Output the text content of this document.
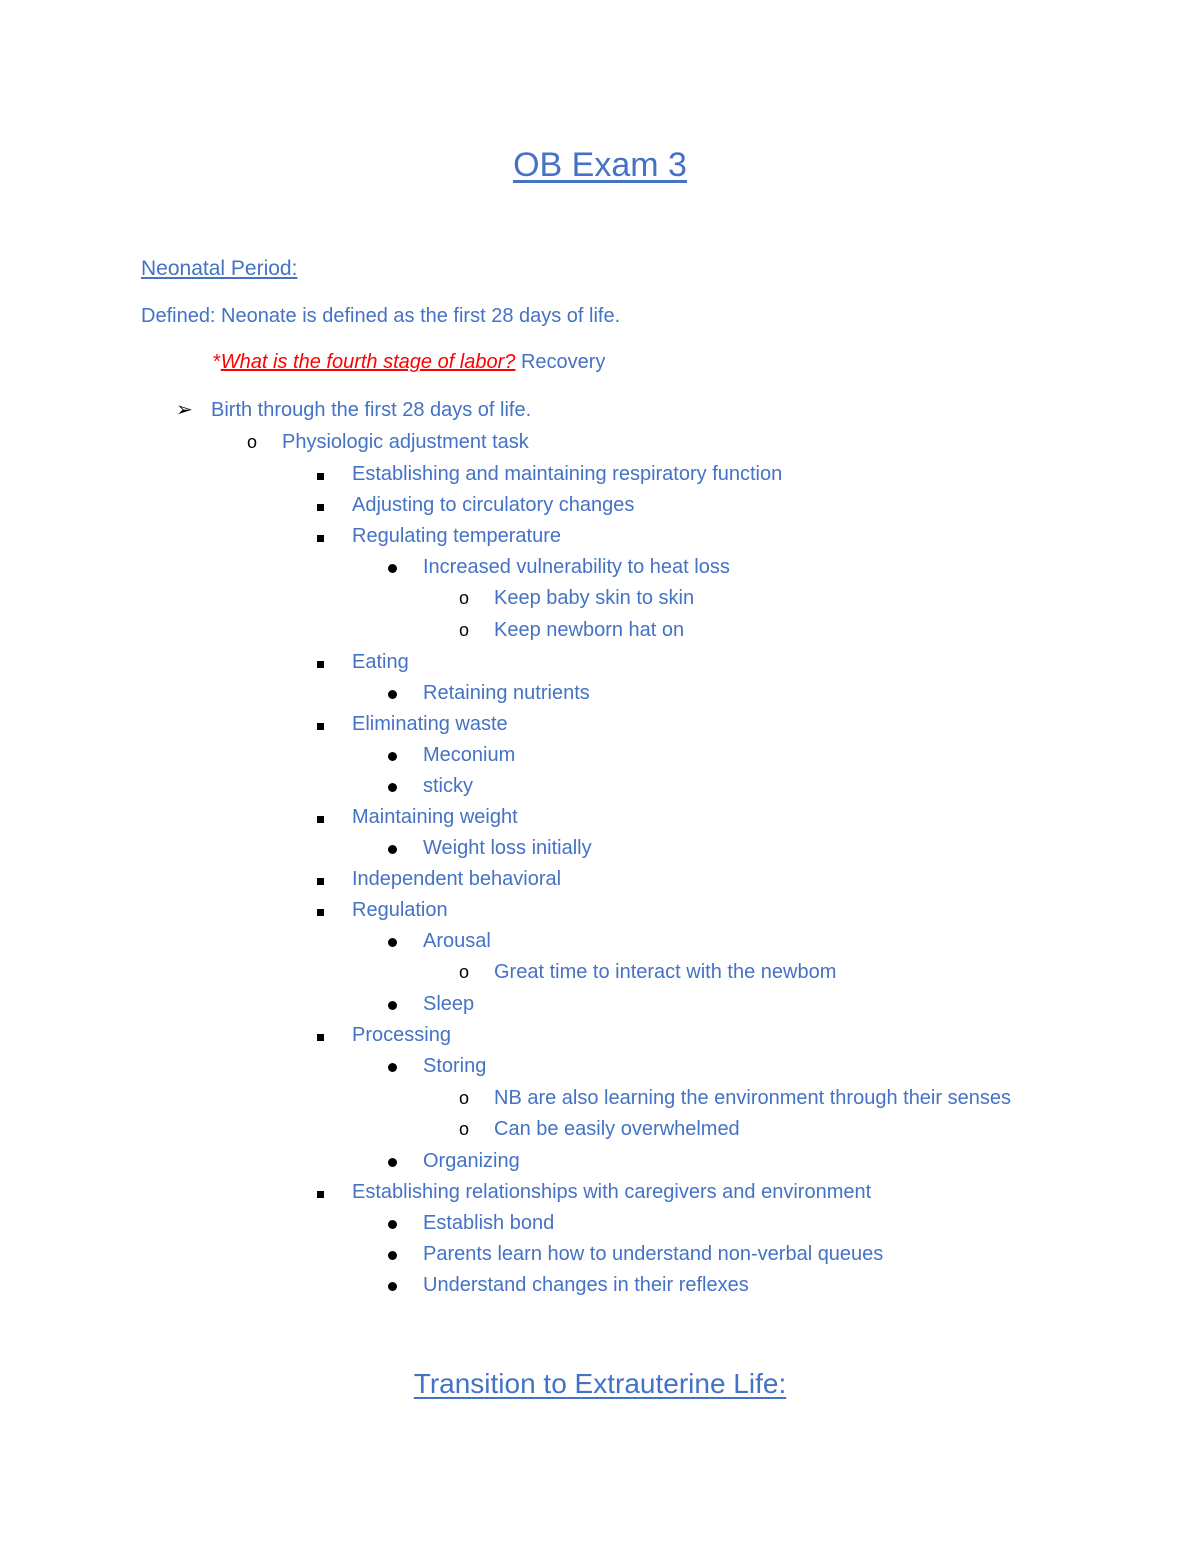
OB Exam 3
Neonatal Period:
Defined: Neonate is defined as the first 28 days of life.
*What is the fourth stage of labor? Recovery
➢ Birth through the first 28 days of life.
o Physiologic adjustment task
Establishing and maintaining respiratory function
Adjusting to circulatory changes
Regulating temperature
Increased vulnerability to heat loss
o Keep baby skin to skin
o Keep newborn hat on
Eating
Retaining nutrients
Eliminating waste
Meconium
sticky
Maintaining weight
Weight loss initially
Independent behavioral
Regulation
Arousal
o Great time to interact with the newbom
Sleep
Processing
Storing
o NB are also learning the environment through their senses
o Can be easily overwhelmed
Organizing
Establishing relationships with caregivers and environment
Establish bond
Parents learn how to understand non-verbal queues
Understand changes in their reflexes
Transition to Extrauterine Life:
